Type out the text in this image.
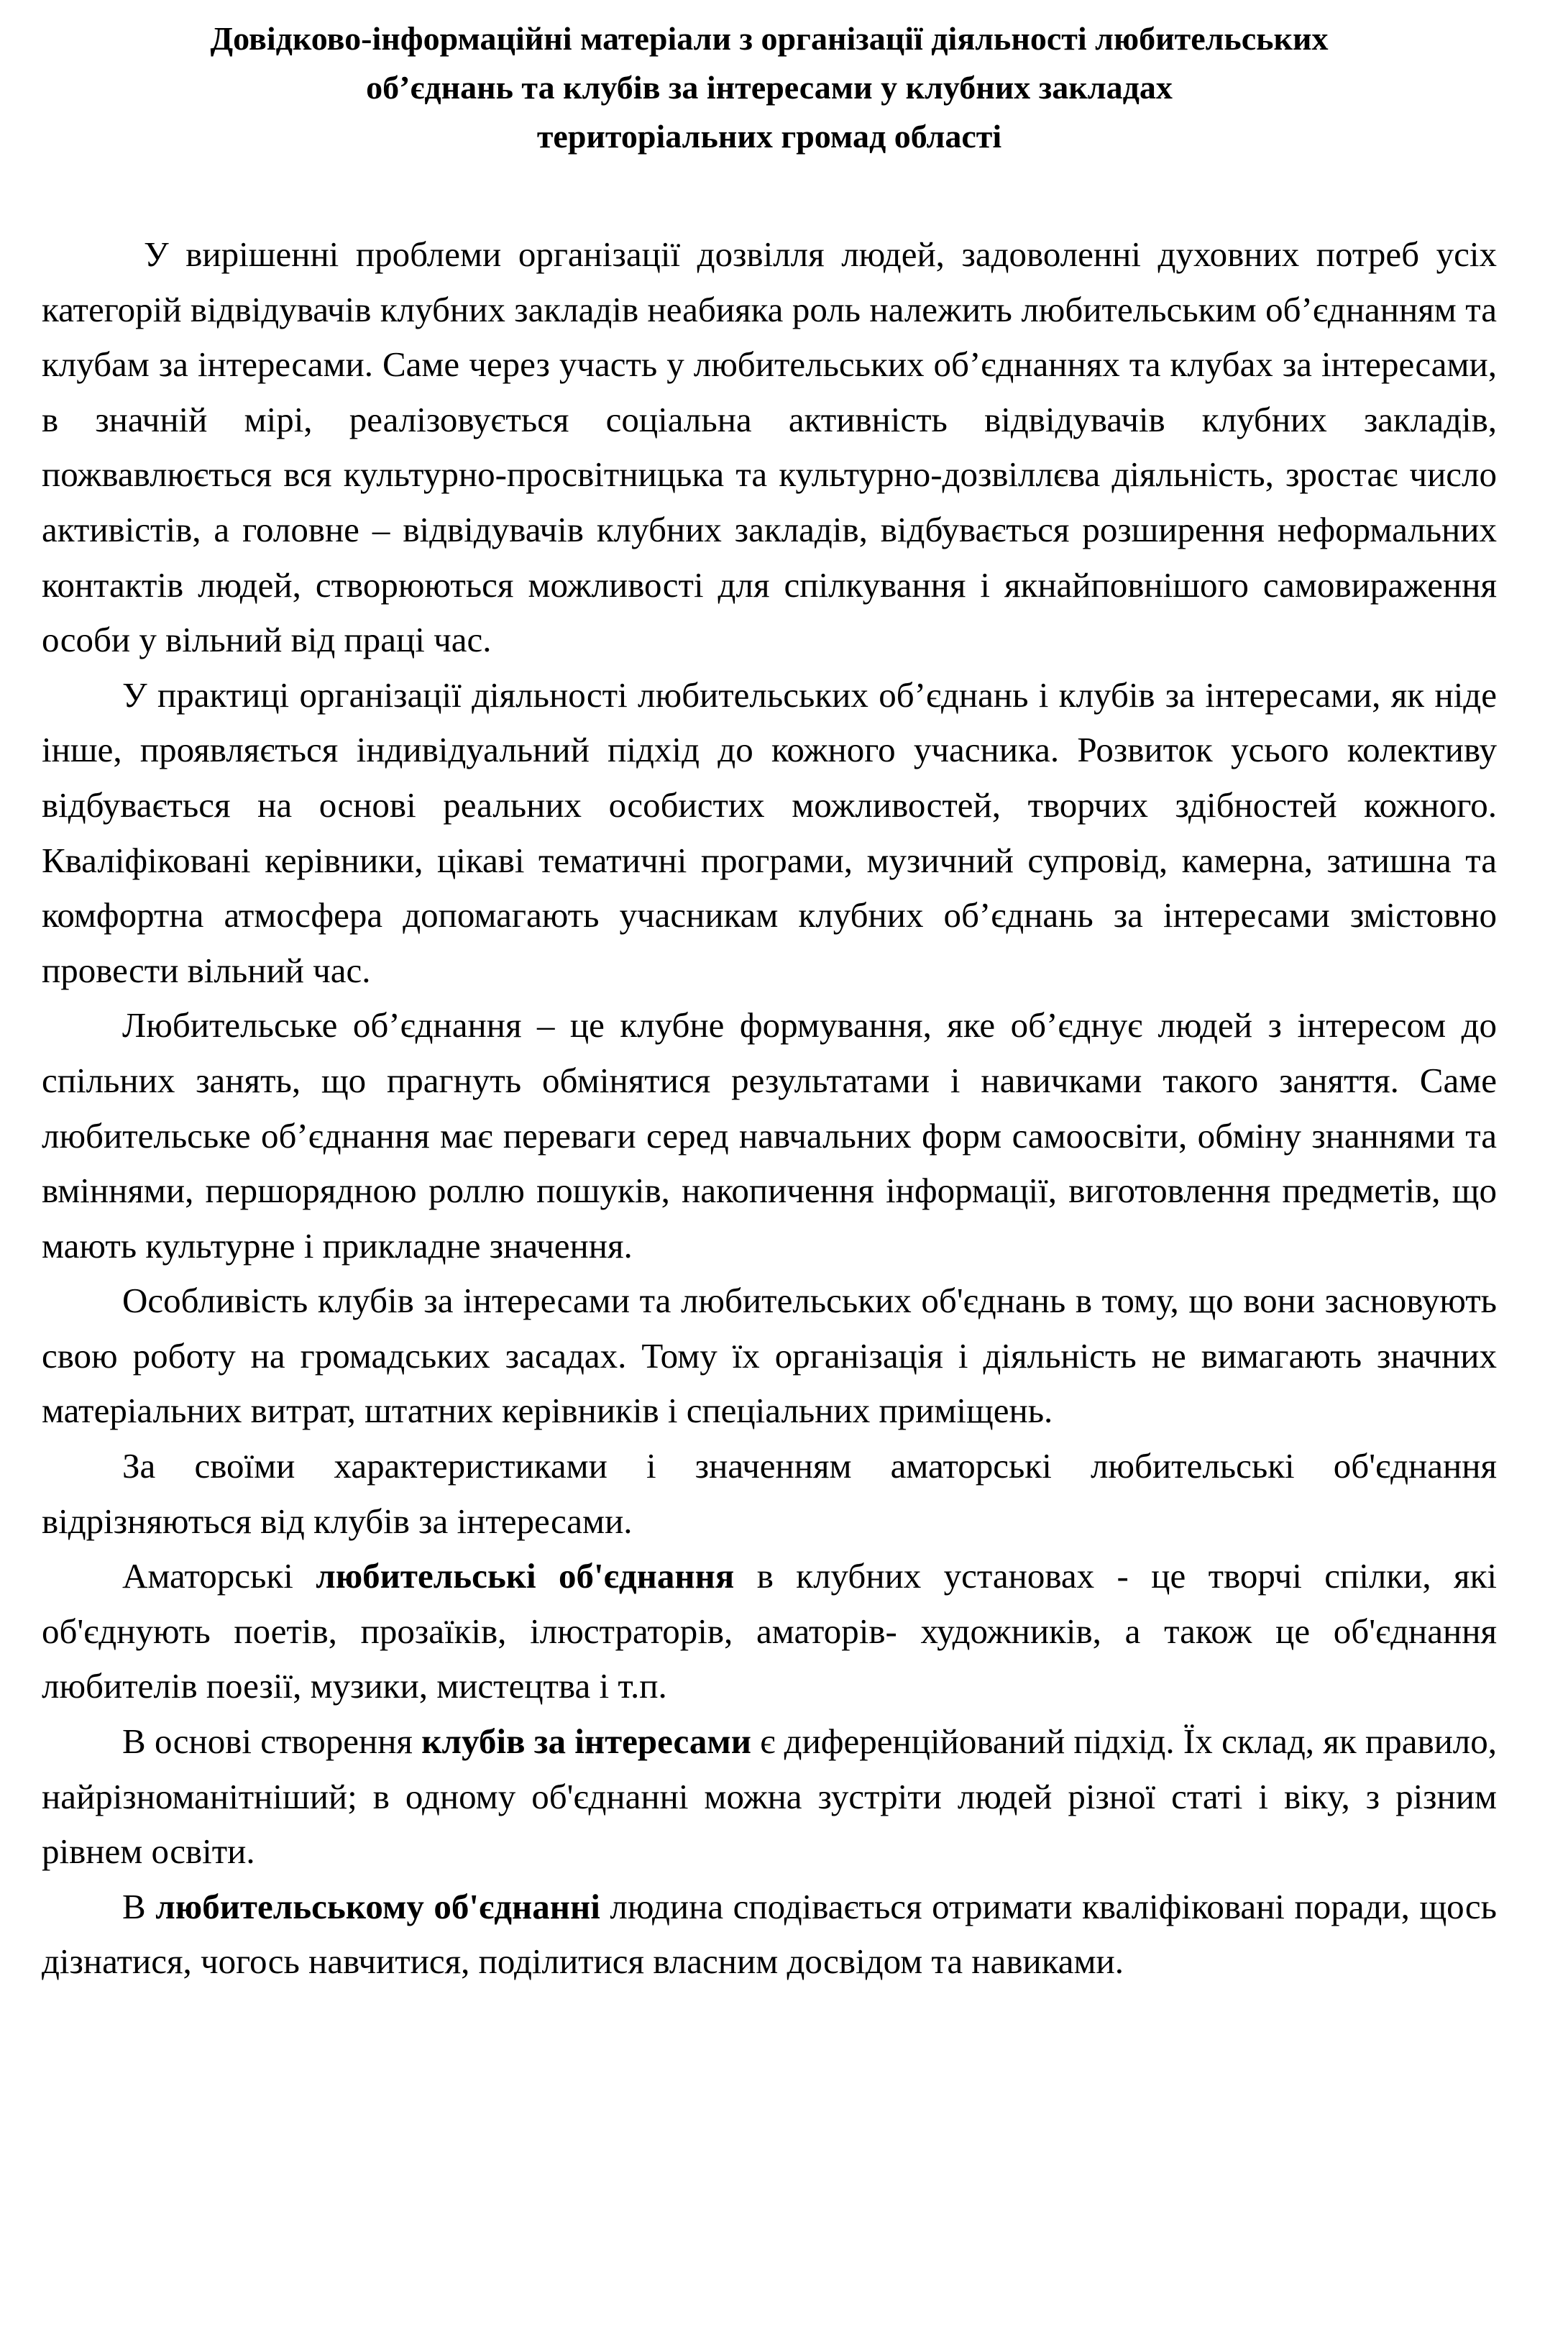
Довідково-інформаційні матеріали з організації діяльності любительських
об’єднань та клубів за інтересами у клубних закладах
територіальних громад області

У вирішенні проблеми організації дозвілля людей, задоволенні духовних потреб усіх категорій відвідувачів клубних закладів неабияка роль належить любительським об’єднанням та клубам за інтересами. Саме через участь у любительських об’єднаннях та клубах за інтересами, в значній мірі, реалізовується соціальна активність відвідувачів клубних закладів, пожвавлюється вся культурно-просвітницька та культурно-дозвіллєва діяльність, зростає число активістів, а головне – відвідувачів клубних закладів, відбувається розширення неформальних контактів людей, створюються можливості для спілкування і якнайповнішого самовираження особи у вільний від праці час.

У практиці організації діяльності любительських об’єднань і клубів за інтересами, як ніде інше, проявляється індивідуальний підхід до кожного учасника. Розвиток усього колективу відбувається на основі реальних особистих можливостей, творчих здібностей кожного. Кваліфіковані керівники, цікаві тематичні програми, музичний супровід, камерна, затишна та комфортна атмосфера допомагають учасникам клубних об’єднань за інтересами змістовно провести вільний час.

Любительське об’єднання – це клубне формування, яке об’єднує людей з інтересом до спільних занять, що прагнуть обмінятися результатами і навичками такого заняття. Саме любительське об’єднання має переваги серед навчальних форм самоосвіти, обміну знаннями та вміннями, першорядною роллю пошуків, накопичення інформації, виготовлення предметів, що мають культурне і прикладне значення.

Особливість клубів за інтересами та любительських об'єднань в тому, що вони засновують свою роботу на громадських засадах. Тому їх організація і діяльність не вимагають значних матеріальних витрат, штатних керівників і спеціальних приміщень.

За своїми характеристиками і значенням аматорські любительські об'єднання відрізняються від клубів за інтересами.

Аматорські любительські об'єднання в клубних установах - це творчі спілки, які об'єднують поетів, прозаїків, ілюстраторів, аматорів- художників, а також це об'єднання любителів поезії, музики, мистецтва і т.п.

В основі створення клубів за інтересами є диференційований підхід. Їх склад, як правило, найрізноманітніший; в одному об'єднанні можна зустріти людей різної статі і віку, з різним рівнем освіти.

В любительському об'єднанні людина сподівається отримати кваліфіковані поради, щось дізнатися, чогось навчитися, поділитися власним досвідом та навиками.
